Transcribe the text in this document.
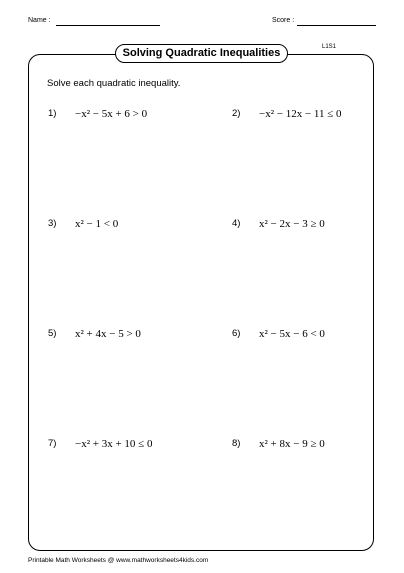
Name :	Score :
Solving Quadratic Inequalities	L1S1
Solve each quadratic inequality.
1) −x² − 5x + 6 > 0	2) −x² − 12x − 11 ≤ 0
3) x² − 1 < 0	4) x² − 2x − 3 ≥ 0
5) x² + 4x − 5 > 0	6) x² − 5x − 6 < 0
7) −x² + 3x + 10 ≤ 0	8) x² + 8x − 9 ≥ 0
Printable Math Worksheets @ www.mathworksheets4kids.com
